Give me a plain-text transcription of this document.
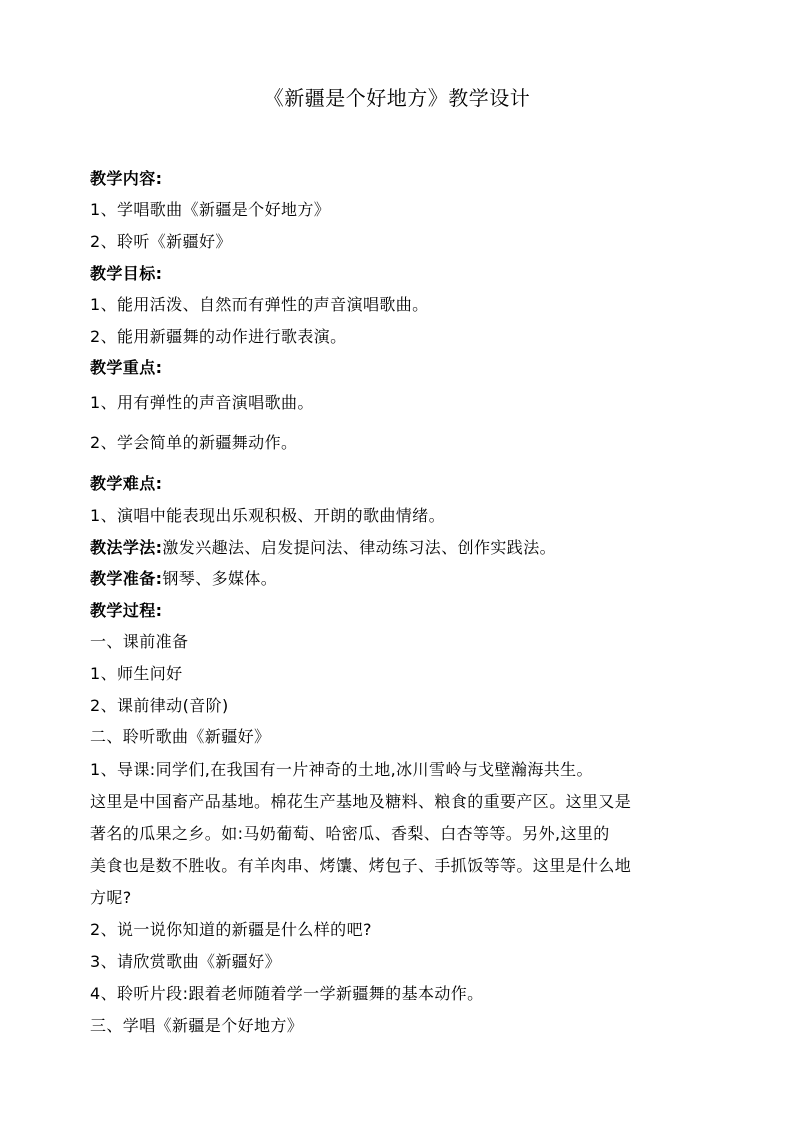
《新疆是个好地方》教学设计
教学内容:
1、学唱歌曲《新疆是个好地方》
2、聆听《新疆好》
教学目标:
1、能用活泼、自然而有弹性的声音演唱歌曲。
2、能用新疆舞的动作进行歌表演。
教学重点:
1、用有弹性的声音演唱歌曲。
2、学会简单的新疆舞动作。
教学难点:
1、演唱中能表现出乐观积极、开朗的歌曲情绪。
教法学法:激发兴趣法、启发提问法、律动练习法、创作实践法。
教学准备:钢琴、多媒体。
教学过程:
一、课前准备
1、师生问好
2、课前律动(音阶)
二、聆听歌曲《新疆好》
1、导课:同学们,在我国有一片神奇的土地,冰川雪岭与戈壁瀚海共生。
这里是中国畜产品基地。棉花生产基地及糖料、粮食的重要产区。这里又是
著名的瓜果之乡。如:马奶葡萄、哈密瓜、香梨、白杏等等。另外,这里的
美食也是数不胜收。有羊肉串、烤馕、烤包子、手抓饭等等。这里是什么地
方呢?
2、说一说你知道的新疆是什么样的吧?
3、请欣赏歌曲《新疆好》
4、聆听片段:跟着老师随着学一学新疆舞的基本动作。
三、学唱《新疆是个好地方》
